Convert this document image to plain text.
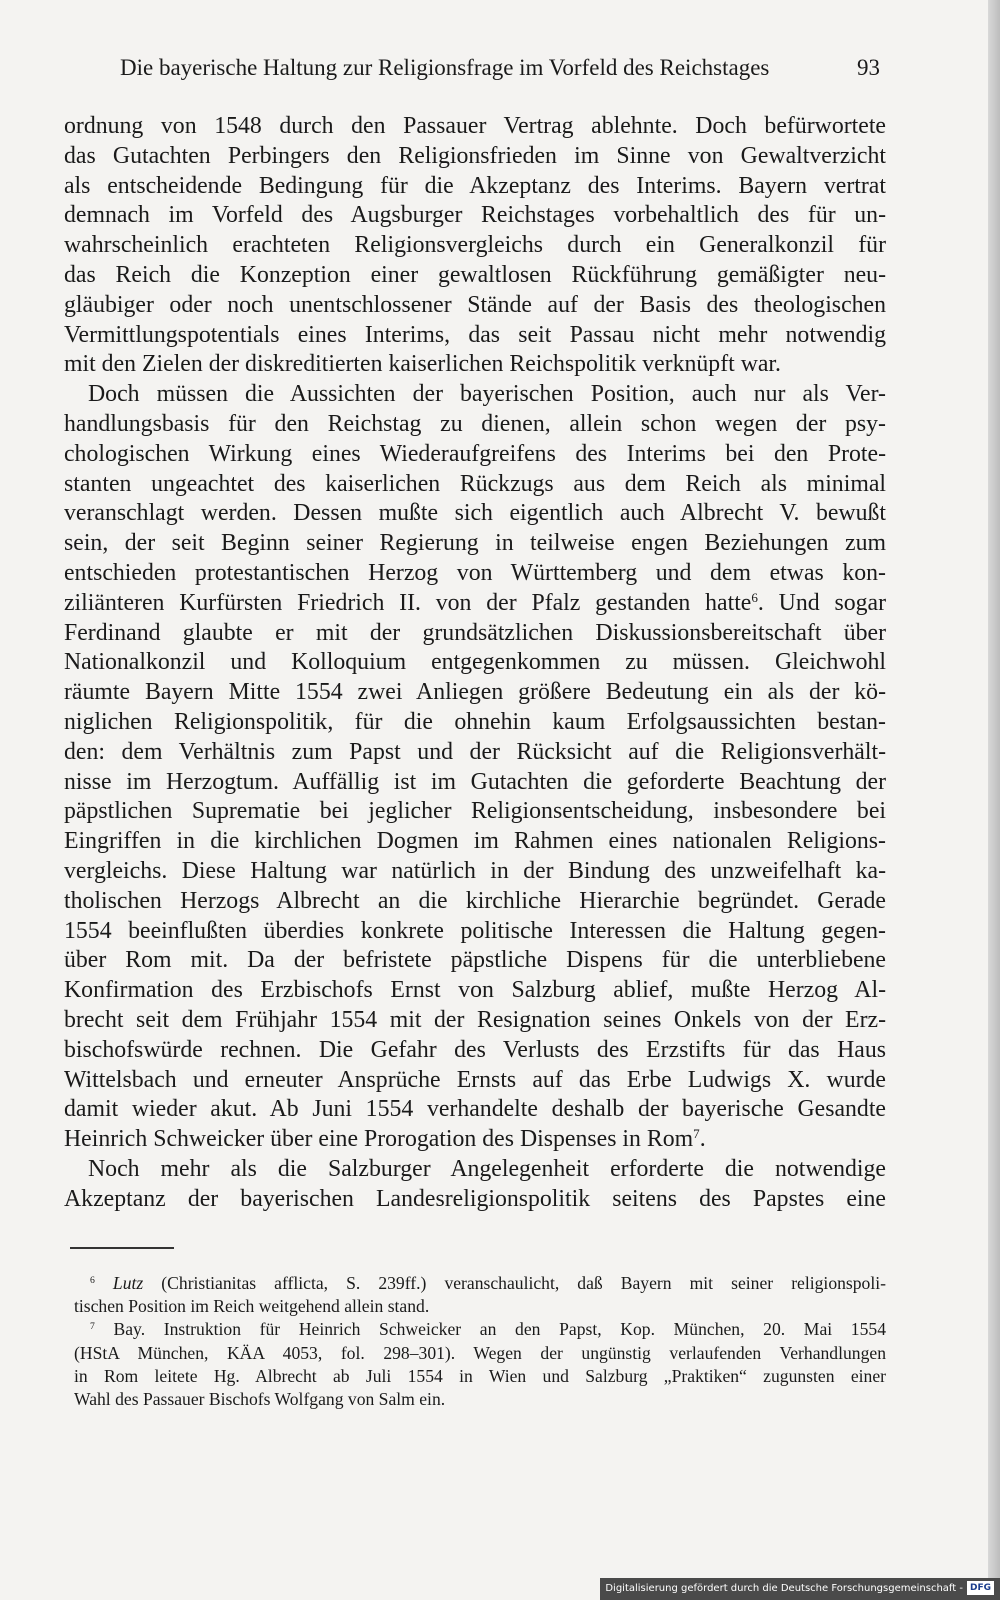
Die bayerische Haltung zur Religionsfrage im Vorfeld des Reichstages	93
ordnung von 1548 durch den Passauer Vertrag ablehnte. Doch befürwortete
das Gutachten Perbingers den Religionsfrieden im Sinne von Gewaltverzicht
als entscheidende Bedingung für die Akzeptanz des Interims. Bayern vertrat
demnach im Vorfeld des Augsburger Reichstages vorbehaltlich des für un-
wahrscheinlich erachteten Religionsvergleichs durch ein Generalkonzil für
das Reich die Konzeption einer gewaltlosen Rückführung gemäßigter neu-
gläubiger oder noch unentschlossener Stände auf der Basis des theologischen
Vermittlungspotentials eines Interims, das seit Passau nicht mehr notwendig
mit den Zielen der diskreditierten kaiserlichen Reichspolitik verknüpft war.
Doch müssen die Aussichten der bayerischen Position, auch nur als Ver-
handlungsbasis für den Reichstag zu dienen, allein schon wegen der psy-
chologischen Wirkung eines Wiederaufgreifens des Interims bei den Prote-
stanten ungeachtet des kaiserlichen Rückzugs aus dem Reich als minimal
veranschlagt werden. Dessen mußte sich eigentlich auch Albrecht V. bewußt
sein, der seit Beginn seiner Regierung in teilweise engen Beziehungen zum
entschieden protestantischen Herzog von Württemberg und dem etwas kon-
ziliänteren Kurfürsten Friedrich II. von der Pfalz gestanden hatte$^6$. Und sogar
Ferdinand glaubte er mit der grundsätzlichen Diskussionsbereitschaft über
Nationalkonzil und Kolloquium entgegenkommen zu müssen. Gleichwohl
räumte Bayern Mitte 1554 zwei Anliegen größere Bedeutung ein als der kö-
niglichen Religionspolitik, für die ohnehin kaum Erfolgsaussichten bestan-
den: dem Verhältnis zum Papst und der Rücksicht auf die Religionsverhält-
nisse im Herzogtum. Auffällig ist im Gutachten die geforderte Beachtung der
päpstlichen Suprematie bei jeglicher Religionsentscheidung, insbesondere bei
Eingriffen in die kirchlichen Dogmen im Rahmen eines nationalen Religions-
vergleichs. Diese Haltung war natürlich in der Bindung des unzweifelhaft ka-
tholischen Herzogs Albrecht an die kirchliche Hierarchie begründet. Gerade
1554 beeinflußten überdies konkrete politische Interessen die Haltung gegen-
über Rom mit. Da der befristete päpstliche Dispens für die unterbliebene
Konfirmation des Erzbischofs Ernst von Salzburg ablief, mußte Herzog Al-
brecht seit dem Frühjahr 1554 mit der Resignation seines Onkels von der Erz-
bischofswürde rechnen. Die Gefahr des Verlusts des Erzstifts für das Haus
Wittelsbach und erneuter Ansprüche Ernsts auf das Erbe Ludwigs X. wurde
damit wieder akut. Ab Juni 1554 verhandelte deshalb der bayerische Gesandte
Heinrich Schweicker über eine Prorogation des Dispenses in Rom$^7$.
Noch mehr als die Salzburger Angelegenheit erforderte die notwendige
Akzeptanz der bayerischen Landesreligionspolitik seitens des Papstes eine
$^6$ Lutz (Christianitas afflicta, S. 239ff.) veranschaulicht, daß Bayern mit seiner religionspoli-
tischen Position im Reich weitgehend allein stand.
$^7$ Bay. Instruktion für Heinrich Schweicker an den Papst, Kop. München, 20. Mai 1554
(HStA München, KÄA 4053, fol. 298–301). Wegen der ungünstig verlaufenden Verhandlungen
in Rom leitete Hg. Albrecht ab Juli 1554 in Wien und Salzburg „Praktiken“ zugunsten einer
Wahl des Passauer Bischofs Wolfgang von Salm ein.
Digitalisierung gefördert durch die Deutsche Forschungsgemeinschaft - DFG
